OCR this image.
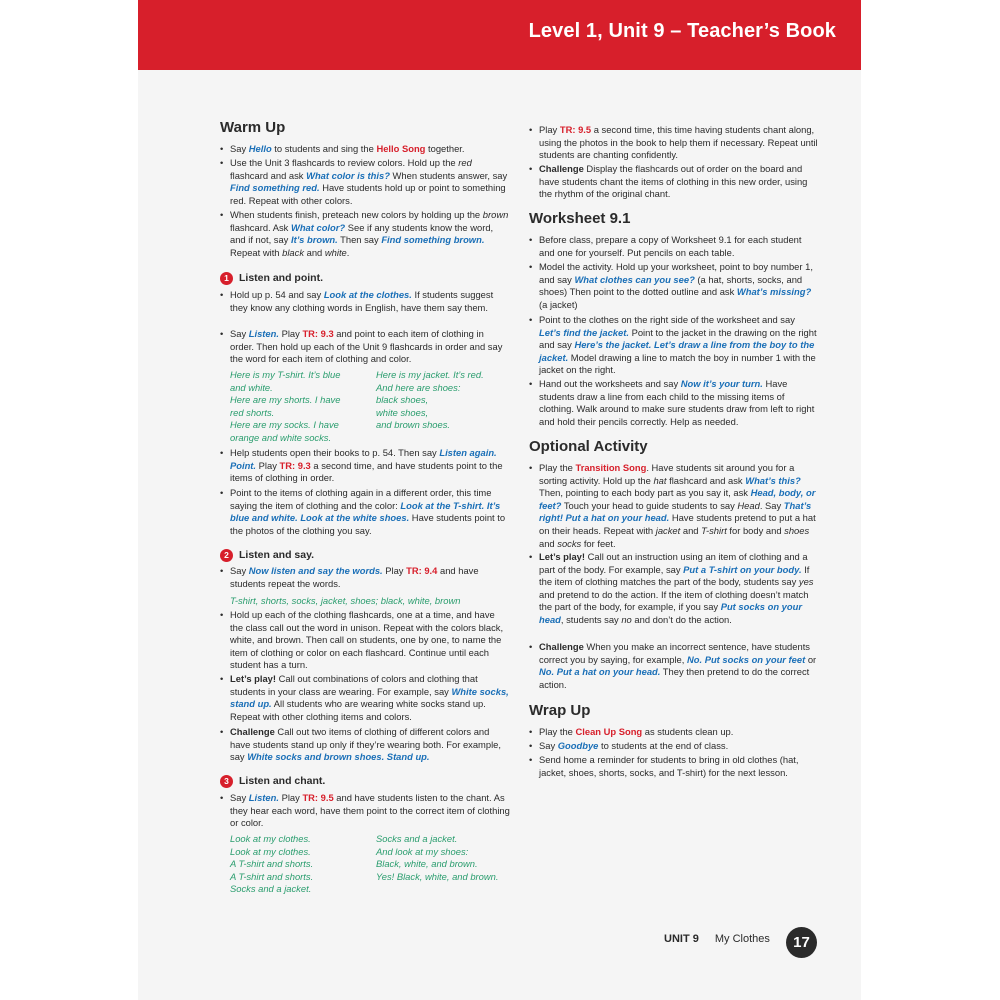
Level 1, Unit 9 – Teacher’s Book
Warm Up
• Say Hello to students and sing the Hello Song together.
• Use the Unit 3 flashcards to review colors. Hold up the red flashcard and ask What color is this? When students answer, say Find something red. Have students hold up or point to something red. Repeat with other colors.
• When students finish, preteach new colors by holding up the brown flashcard. Ask What color? See if any students know the word, and if not, say It’s brown. Then say Find something brown. Repeat with black and white.
1 Listen and point.
• Hold up p. 54 and say Look at the clothes. If students suggest they know any clothing words in English, have them say them.
• Say Listen. Play TR: 9.3 and point to each item of clothing in order. Then hold up each of the Unit 9 flashcards in order and say the word for each item of clothing and color.
Here is my T-shirt. It’s blue
and white.
Here are my shorts. I have
red shorts.
Here are my socks. I have
orange and white socks.
Here is my jacket. It’s red.
And here are shoes:
black shoes,
white shoes,
and brown shoes.
• Help students open their books to p. 54. Then say Listen again. Point. Play TR: 9.3 a second time, and have students point to the items of clothing in order.
• Point to the items of clothing again in a different order, this time saying the item of clothing and the color: Look at the T-shirt. It’s blue and white. Look at the white shoes. Have students point to the photos of the clothing you say.
2 Listen and say.
• Say Now listen and say the words. Play TR: 9.4 and have students repeat the words.
T-shirt, shorts, socks, jacket, shoes; black, white, brown
• Hold up each of the clothing flashcards, one at a time, and have the class call out the word in unison. Repeat with the colors black, white, and brown. Then call on students, one by one, to name the item of clothing or color on each flashcard. Continue until each student has a turn.
• Let’s play! Call out combinations of colors and clothing that students in your class are wearing. For example, say White socks, stand up. All students who are wearing white socks stand up. Repeat with other clothing items and colors.
• Challenge Call out two items of clothing of different colors and have students stand up only if they’re wearing both. For example, say White socks and brown shoes. Stand up.
3 Listen and chant.
• Say Listen. Play TR: 9.5 and have students listen to the chant. As they hear each word, have them point to the correct item of clothing or color.
Look at my clothes.
Look at my clothes.
A T-shirt and shorts.
A T-shirt and shorts.
Socks and a jacket.
Socks and a jacket.
And look at my shoes:
Black, white, and brown.
Yes! Black, white, and brown.
• Play TR: 9.5 a second time, this time having students chant along, using the photos in the book to help them if necessary. Repeat until students are chanting confidently.
• Challenge Display the flashcards out of order on the board and have students chant the items of clothing in this new order, using the rhythm of the original chant.
Worksheet 9.1
• Before class, prepare a copy of Worksheet 9.1 for each student and one for yourself. Put pencils on each table.
• Model the activity. Hold up your worksheet, point to boy number 1, and say What clothes can you see? (a hat, shorts, socks, and shoes) Then point to the dotted outline and ask What’s missing? (a jacket)
• Point to the clothes on the right side of the worksheet and say Let’s find the jacket. Point to the jacket in the drawing on the right and say Here’s the jacket. Let’s draw a line from the boy to the jacket. Model drawing a line to match the boy in number 1 with the jacket on the right.
• Hand out the worksheets and say Now it’s your turn. Have students draw a line from each child to the missing items of clothing. Walk around to make sure students draw from left to right and hold their pencils correctly. Help as needed.
Optional Activity
• Play the Transition Song. Have students sit around you for a sorting activity. Hold up the hat flashcard and ask What’s this? Then, pointing to each body part as you say it, ask Head, body, or feet? Touch your head to guide students to say Head. Say That’s right! Put a hat on your head. Have students pretend to put a hat on their heads. Repeat with jacket and T-shirt for body and shoes and socks for feet.
• Let’s play! Call out an instruction using an item of clothing and a part of the body. For example, say Put a T-shirt on your body. If the item of clothing matches the part of the body, students say yes and pretend to do the action. If the item of clothing doesn’t match the part of the body, for example, if you say Put socks on your head, students say no and don’t do the action.
• Challenge When you make an incorrect sentence, have students correct you by saying, for example, No. Put socks on your feet or No. Put a hat on your head. They then pretend to do the correct action.
Wrap Up
• Play the Clean Up Song as students clean up.
• Say Goodbye to students at the end of class.
• Send home a reminder for students to bring in old clothes (hat, jacket, shoes, shorts, socks, and T-shirt) for the next lesson.
UNIT 9 My Clothes	17
